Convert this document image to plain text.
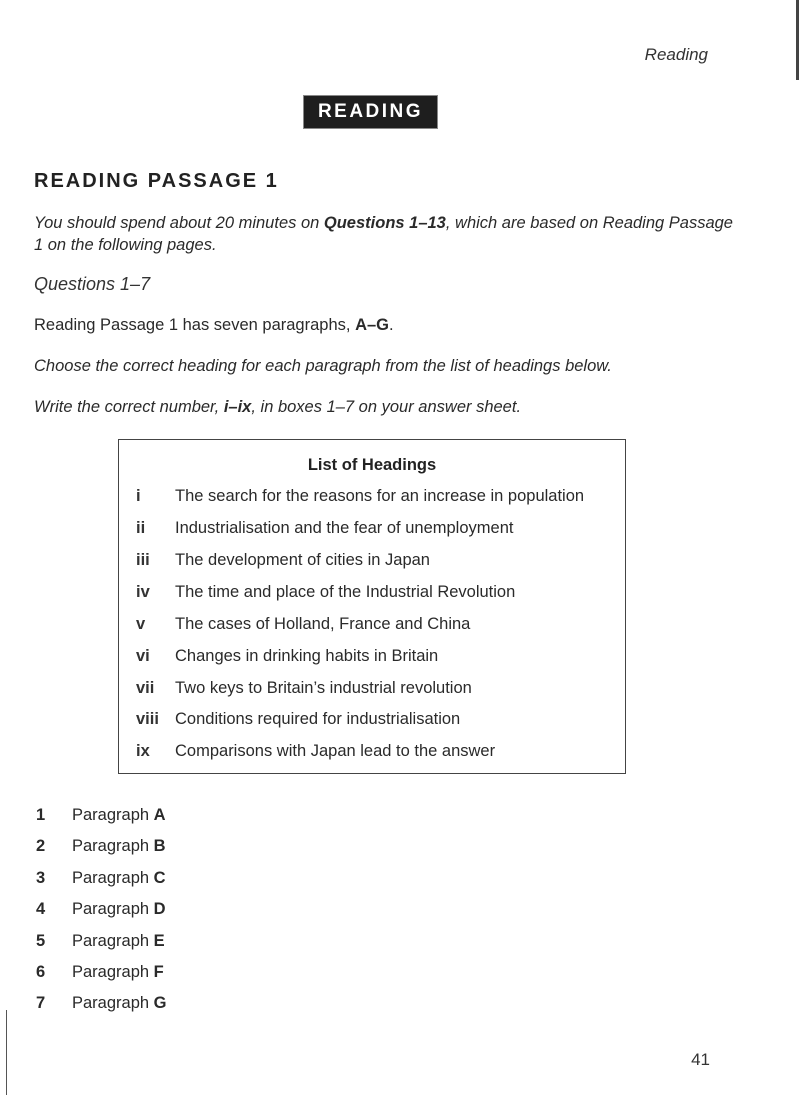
Reading
READING
READING PASSAGE 1
You should spend about 20 minutes on Questions 1–13, which are based on Reading Passage 1 on the following pages.
Questions 1–7
Reading Passage 1 has seven paragraphs, A–G.
Choose the correct heading for each paragraph from the list of headings below.
Write the correct number, i–ix, in boxes 1–7 on your answer sheet.
List of Headings
i The search for the reasons for an increase in population
ii Industrialisation and the fear of unemployment
iii The development of cities in Japan
iv The time and place of the Industrial Revolution
v The cases of Holland, France and China
vi Changes in drinking habits in Britain
vii Two keys to Britain’s industrial revolution
viii Conditions required for industrialisation
ix Comparisons with Japan lead to the answer
1 Paragraph A
2 Paragraph B
3 Paragraph C
4 Paragraph D
5 Paragraph E
6 Paragraph F
7 Paragraph G
41
